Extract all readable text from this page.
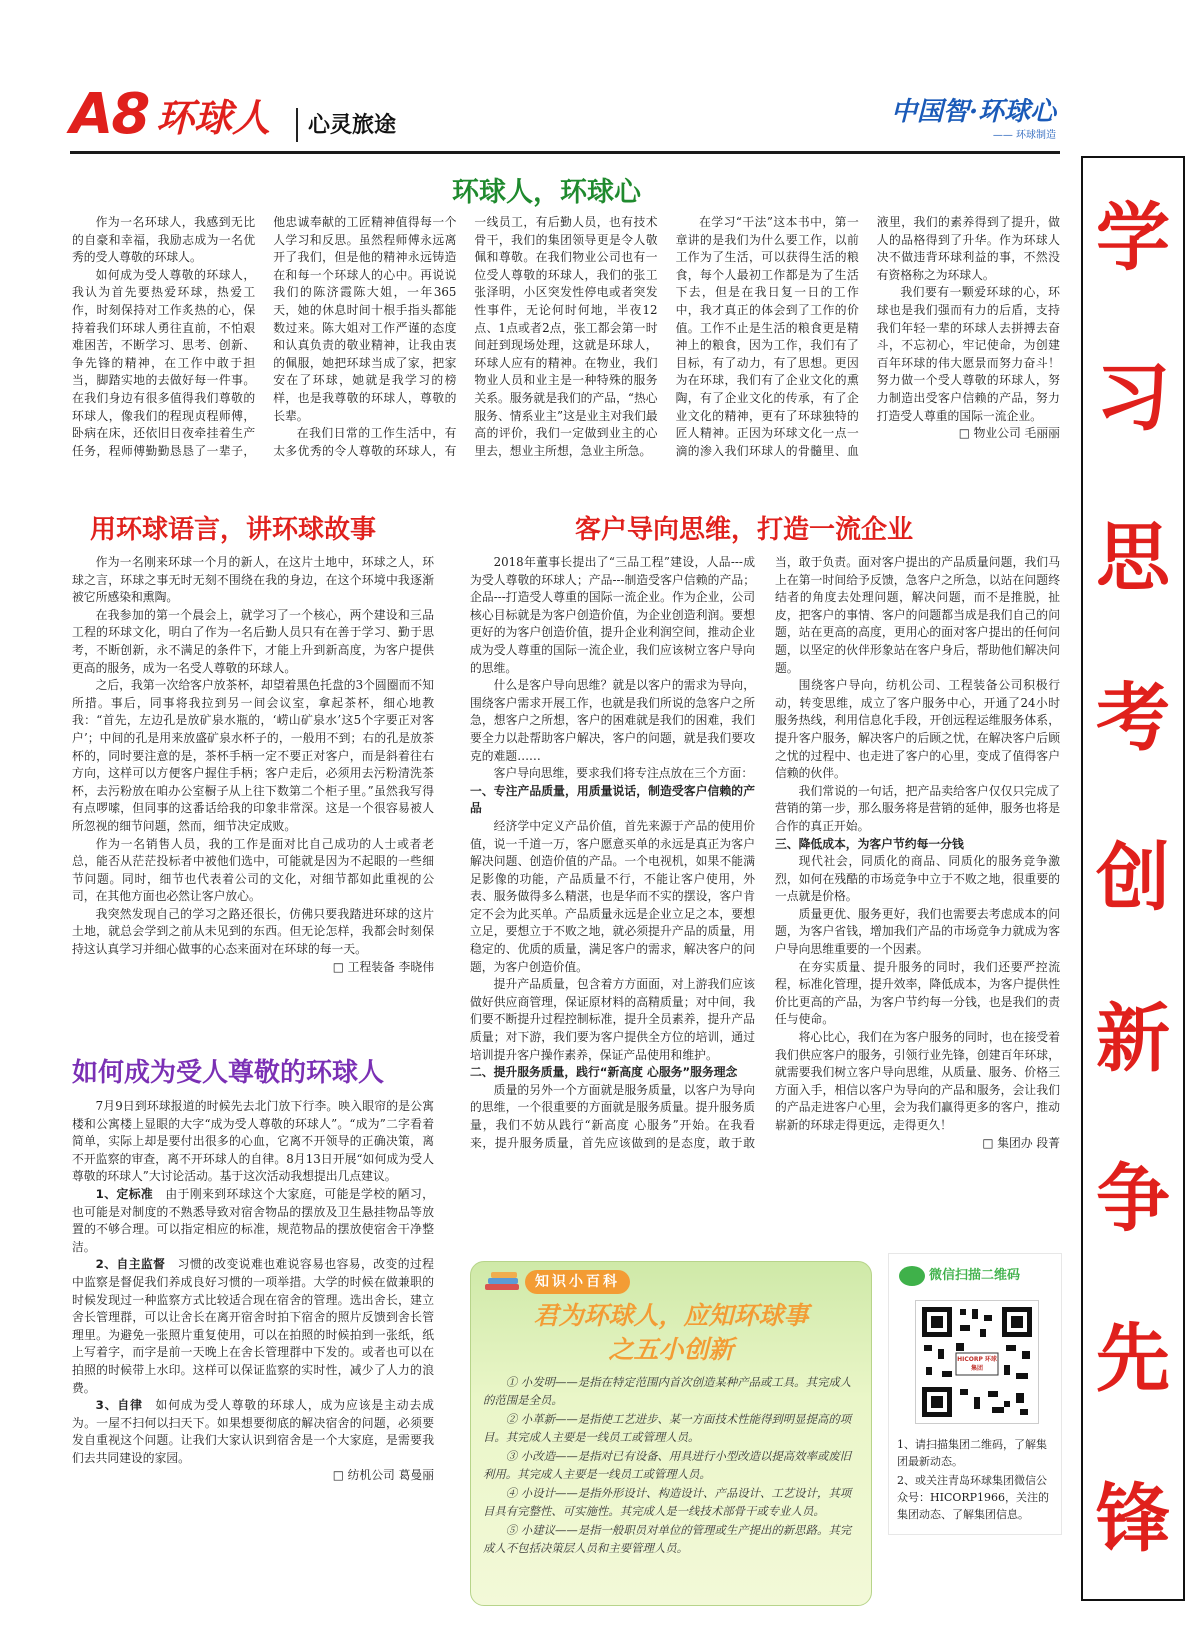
A8 环球人 心灵旅途	中国智·环球心
—— 环球制造
学
习
思
考
创
新
争
先
锋
环球人，环球心

作为一名环球人，我感到无比的自豪和幸福，我励志成为一名优秀的受人尊敬的环球人。

如何成为受人尊敬的环球人，我认为首先要热爱环球，热爱工作，时刻保持对工作炙热的心，保持着我们环球人勇往直前，不怕艰难困苦，不断学习、思考、创新、争先锋的精神，在工作中敢于担当，脚踏实地的去做好每一件事。在我们身边有很多值得我们尊敬的环球人，像我们的程现贞程师傅，卧病在床，还依旧日夜牵挂着生产任务，程师傅勤勤恳恳了一辈子，他忠诚奉献的工匠精神值得每一个人学习和反思。虽然程师傅永远离开了我们，但是他的精神永远铸造在和每一个环球人的心中。再说说我们的陈济霞陈大姐，一年365天，她的休息时间十根手指头都能数过来。陈大姐对工作严谨的态度和认真负责的敬业精神，让我由衷的佩服，她把环球当成了家，把家安在了环球，她就是我学习的榜样，也是我尊敬的环球人，尊敬的长辈。

在我们日常的工作生活中，有太多优秀的令人尊敬的环球人，有一线员工，有后勤人员，也有技术骨干，我们的集团领导更是令人敬佩和尊敬。在我们物业公司也有一位受人尊敬的环球人，我们的张工张泽明，小区突发性停电或者突发性事件，无论何时何地，半夜12点、1点或者2点，张工都会第一时间赶到现场处理，这就是环球人，环球人应有的精神。在物业，我们物业人员和业主是一种特殊的服务关系。服务就是我们的产品，“热心服务、情系业主”这是业主对我们最高的评价，我们一定做到业主的心里去，想业主所想，急业主所急。

在学习“干法”这本书中，第一章讲的是我们为什么要工作，以前工作为了生活，可以获得生活的粮食，每个人最初工作都是为了生活下去，但是在我日复一日的工作中，我才真正的体会到了工作的价值。工作不止是生活的粮食更是精神上的粮食，因为工作，我们有了目标，有了动力，有了思想。更因为在环球，我们有了企业文化的熏陶，有了企业文化的传承，有了企业文化的精神，更有了环球独特的匠人精神。正因为环球文化一点一滴的渗入我们环球人的骨髓里、血液里，我们的素养得到了提升，做人的品格得到了升华。作为环球人决不做违背环球利益的事，不然没有资格称之为环球人。

我们要有一颗爱环球的心，环球也是我们强而有力的后盾，支持我们年轻一辈的环球人去拼搏去奋斗，不忘初心，牢记使命，为创建百年环球的伟大愿景而努力奋斗！努力做一个受人尊敬的环球人，努力制造出受客户信赖的产品，努力打造受人尊重的国际一流企业。

□ 物业公司 毛丽丽

用环球语言，讲环球故事

作为一名刚来环球一个月的新人，在这片土地中，环球之人，环球之言，环球之事无时无刻不围绕在我的身边，在这个环境中我逐渐被它所感染和熏陶。

在我参加的第一个晨会上，就学习了一个核心，两个建设和三品工程的环球文化，明白了作为一名后勤人员只有在善于学习、勤于思考，不断创新，永不满足的条件下，才能上升到新高度，为客户提供更高的服务，成为一名受人尊敬的环球人。

之后，我第一次给客户放茶杯，却望着黑色托盘的3个圆圈而不知所措。事后，同事将我拉到另一间会议室，拿起茶杯，细心地教我：“首先，左边孔是放矿泉水瓶的，‘崂山矿泉水’这5个字要正对客户’；中间的孔是用来放盛矿泉水杯子的，一般用不到；右的孔是放茶杯的，同时要注意的是，茶杯手柄一定不要正对客户，而是斜着往右方向，这样可以方便客户握住手柄；客户走后，必须用去污粉清洗茶杯，去污粉放在咱办公室橱子从上往下数第二个柜子里。”虽然我写得有点啰嗦，但同事的这番话给我的印象非常深。这是一个很容易被人所忽视的细节问题，然而，细节决定成败。

作为一名销售人员，我的工作是面对比自己成功的人士或者老总，能否从茫茫投标者中被他们选中，可能就是因为不起眼的一些细节问题。同时，细节也代表着公司的文化，对细节都如此重视的公司，在其他方面也必然让客户放心。

我突然发现自己的学习之路还很长，仿佛只要我踏进环球的这片土地，就总会学到之前从未见到的东西。但无论怎样，我都会时刻保持这认真学习并细心做事的心态来面对在环球的每一天。

□ 工程装备 李晓伟

如何成为受人尊敬的环球人

7月9日到环球报道的时候先去北门放下行李。映入眼帘的是公寓楼和公寓楼上显眼的大字“成为受人尊敬的环球人”。“成为”二字看着简单，实际上却是要付出很多的心血，它离不开领导的正确决策，离不开监察的审查，离不开环球人的自律。8月13日开展“如何成为受人尊敬的环球人”大讨论活动。基于这次活动我想提出几点建议。

1、定标准　 由于刚来到环球这个大家庭，可能是学校的陋习，也可能是对制度的不熟悉导致对宿舍物品的摆放及卫生悬挂物品等放置的不够合理。可以指定相应的标准，规范物品的摆放使宿舍干净整洁。

2、自主监督　 习惯的改变说难也难说容易也容易，改变的过程中监察是督促我们养成良好习惯的一项举措。大学的时候在做兼职的时候发现过一种监察方式比较适合现在宿舍的管理。选出舍长，建立舍长管理群，可以让舍长在离开宿舍时拍下宿舍的照片反馈到舍长管理里。为避免一张照片重复使用，可以在拍照的时候拍到一张纸，纸上写着字，而字是前一天晚上在舍长管理群中下发的。或者也可以在拍照的时候带上水印。这样可以保证监察的实时性，减少了人力的浪费。

3、自律　 如何成为受人尊敬的环球人，成为应该是主动去成为。一屋不扫何以扫天下。如果想要彻底的解决宿舍的问题，必须要发自重视这个问题。让我们大家认识到宿舍是一个大家庭，是需要我们去共同建设的家园。

□ 纺机公司 葛曼丽

客户导向思维，打造一流企业

2018年董事长提出了“三品工程”建设，人品---成为受人尊敬的环球人；产品---制造受客户信赖的产品；企品---打造受人尊重的国际一流企业。作为企业，公司核心目标就是为客户创造价值，为企业创造利润。要想更好的为客户创造价值，提升企业利润空间，推动企业成为受人尊重的国际一流企业，我们应该树立客户导向的思维。

什么是客户导向思维？就是以客户的需求为导向，围绕客户需求开展工作，也就是我们所说的急客户之所急，想客户之所想，客户的困难就是我们的困难，我们要全力以赴帮助客户解决，客户的问题，就是我们要攻克的难题……

客户导向思维，要求我们将专注点放在三个方面：

一、专注产品质量，用质量说话，制造受客户信赖的产品

经济学中定义产品价值，首先来源于产品的使用价值，说一千道一万，客户愿意买单的永远是真正为客户解决问题、创造价值的产品。一个电视机，如果不能满足影像的功能，产品质量不行，不能让客户使用，外表、服务做得多么精湛，也是华而不实的摆设，客户肯定不会为此买单。产品质量永远是企业立足之本，要想立足，要想立于不败之地，就必须提升产品的质量，用稳定的、优质的质量，满足客户的需求，解决客户的问题，为客户创造价值。

提升产品质量，包含着方方面面，对上游我们应该做好供应商管理，保证原材料的高精质量；对中间，我们要不断提升过程控制标准，提升全员素养，提升产品质量；对下游，我们要为客户提供全方位的培训，通过培训提升客户操作素养，保证产品使用和维护。

二、提升服务质量，践行“新高度 心服务”服务理念

质量的另外一个方面就是服务质量，以客户为导向的思维，一个很重要的方面就是服务质量。提升服务质量，我们不妨从践行“新高度 心服务”开始。在我看来，提升服务质量，首先应该做到的是态度，敢于敢当，敢于负责。面对客户提出的产品质量问题，我们马上在第一时间给予反馈，急客户之所急，以站在问题终结者的角度去处理问题，解决问题，而不是推脱，扯皮，把客户的事情、客户的问题都当成是我们自己的问题，站在更高的高度，更用心的面对客户提出的任何问题，以坚定的伙伴形象站在客户身后，帮助他们解决问题。

围绕客户导向，纺机公司、工程装备公司积极行动，转变思维，成立了客户服务中心，开通了24小时服务热线，利用信息化手段，开创远程运维服务体系，提升客户服务，解决客户的后顾之忧，在解决客户后顾之忧的过程中、也走进了客户的心里，变成了值得客户信赖的伙伴。

我们常说的一句话，把产品卖给客户仅仅只完成了营销的第一步，那么服务将是营销的延伸，服务也将是合作的真正开始。

三、降低成本，为客户节约每一分钱

现代社会，同质化的商品、同质化的服务竞争激烈，如何在残酷的市场竞争中立于不败之地，很重要的一点就是价格。

质量更优、服务更好，我们也需要去考虑成本的问题，为客户省钱，增加我们产品的市场竞争力就成为客户导向思维重要的一个因素。

在夯实质量、提升服务的同时，我们还要严控流程，标准化管理，提升效率，降低成本，为客户提供性价比更高的产品，为客户节约每一分钱，也是我们的责任与使命。

将心比心，我们在为客户服务的同时，也在接受着我们供应客户的服务，引领行业先锋，创建百年环球，就需要我们树立客户导向思维，从质量、服务、价格三方面入手，相信以客户为导向的产品和服务，会让我们的产品走进客户心里，会为我们赢得更多的客户，推动崭新的环球走得更远，走得更久！

□ 集团办 段菁

知识小百科
君为环球人，应知环球事
之五小创新

① 小发明——是指在特定范围内首次创造某种产品或工具。其完成人的范围是全员。

② 小革新——是指使工艺进步、某一方面技术性能得到明显提高的项目。其完成人主要是一线员工或管理人员。

③ 小改造——是指对已有设备、用具进行小型改造以提高效率或废旧利用。其完成人主要是一线员工或管理人员。

④ 小设计——是指外形设计、构造设计、产品设计、工艺设计，其项目具有完整性、可实施性。其完成人是一线技术部骨干或专业人员。

⑤ 小建议——是指一般职员对单位的管理或生产提出的新思路。其完成人不包括决策层人员和主要管理人员。

微信扫描二维码
HICORP 环球集团
1、请扫描集团二维码，了解集团最新动态。
2、或关注青岛环球集团微信公众号：HICORP1966，关注的集团动态、了解集团信息。
